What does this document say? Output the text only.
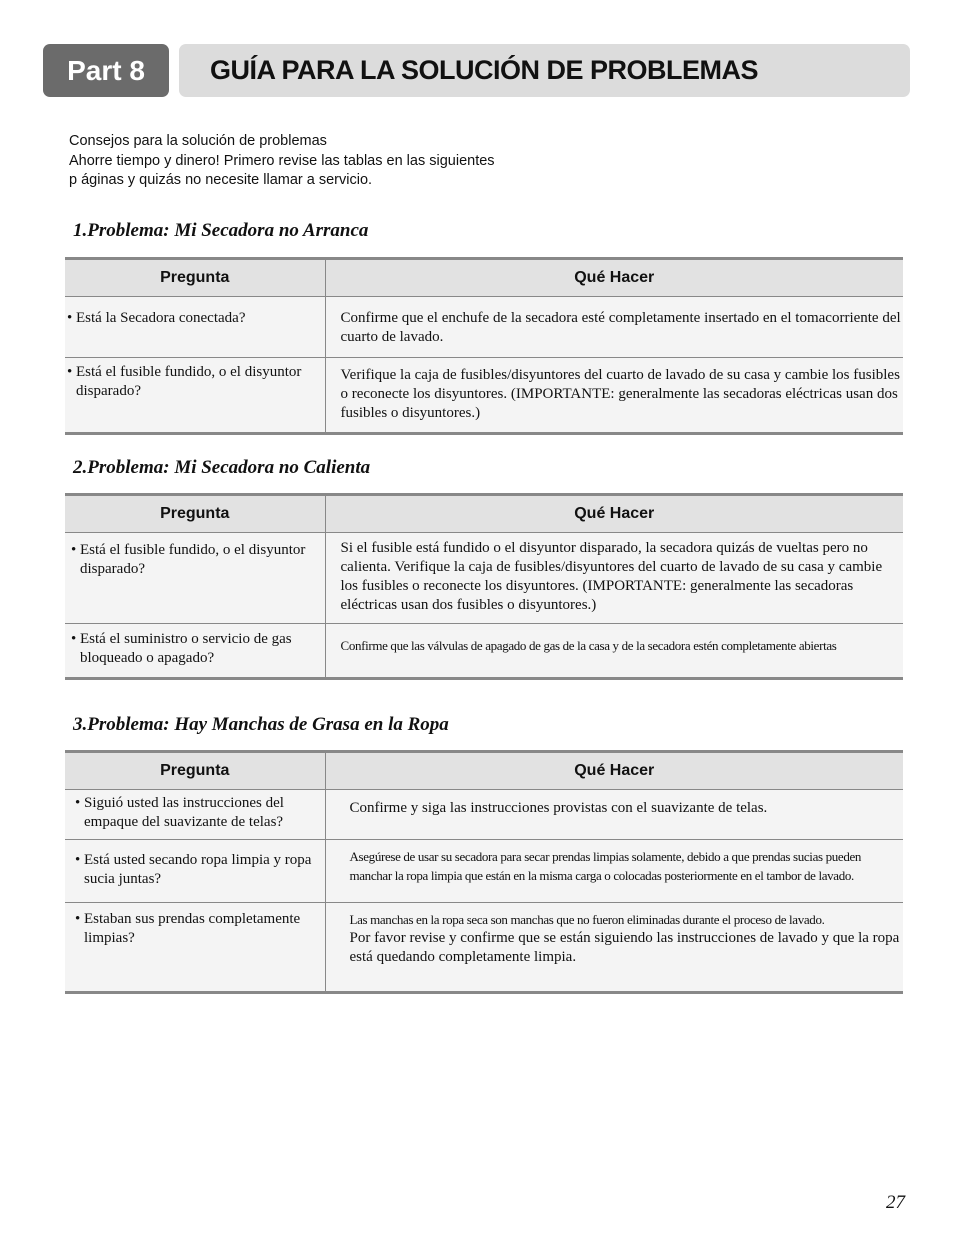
Part 8	GUÍA PARA LA SOLUCIÓN DE PROBLEMAS
Consejos para la solución de problemas
Ahorre tiempo y dinero! Primero revise las tablas en las siguientes
p áginas y quizás no necesite llamar a servicio.
1.Problema: Mi Secadora no Arranca
Pregunta	Qué Hacer

• Está la Secadora conectada?	Confirme que el enchufe de la secadora esté completamente insertado en el tomacorriente del cuarto de lavado.

• Está el fusible fundido, o el disyuntor disparado?	Verifique la caja de fusibles/disyuntores del cuarto de lavado de su casa y cambie los fusibles o reconecte los disyuntores. (IMPORTANTE: generalmente las secadoras eléctricas usan dos fusibles o disyuntores.)
2.Problema: Mi Secadora no Calienta
Pregunta	Qué Hacer

• Está el fusible fundido, o el disyuntor disparado?	Si el fusible está fundido o el disyuntor disparado, la secadora quizás de vueltas pero no calienta. Verifique la caja de fusibles/disyuntores del cuarto de lavado de su casa y cambie los fusibles o reconecte los disyuntores. (IMPORTANTE: generalmente las secadoras eléctricas usan dos fusibles o disyuntores.)

• Está el suministro o servicio de gas bloqueado o apagado?	Confirme que las válvulas de apagado de gas de la casa y de la secadora estén completamente abiertas
3.Problema: Hay Manchas de Grasa en la Ropa
Pregunta	Qué Hacer

• Siguió usted las instrucciones del empaque del suavizante de telas?	Confirme y siga las instrucciones provistas con el suavizante de telas.

• Está usted secando ropa limpia y ropa sucia juntas?	Asegúrese de usar su secadora para secar prendas limpias solamente, debido a que prendas sucias pueden manchar la ropa limpia que están en la misma carga o colocadas posteriormente en el tambor de lavado.

• Estaban sus prendas completamente limpias?	Las manchas en la ropa seca son manchas que no fueron eliminadas durante el proceso de lavado.
Por favor revise y confirme que se están siguiendo las instrucciones de lavado y que la ropa está quedando completamente limpia.
27
